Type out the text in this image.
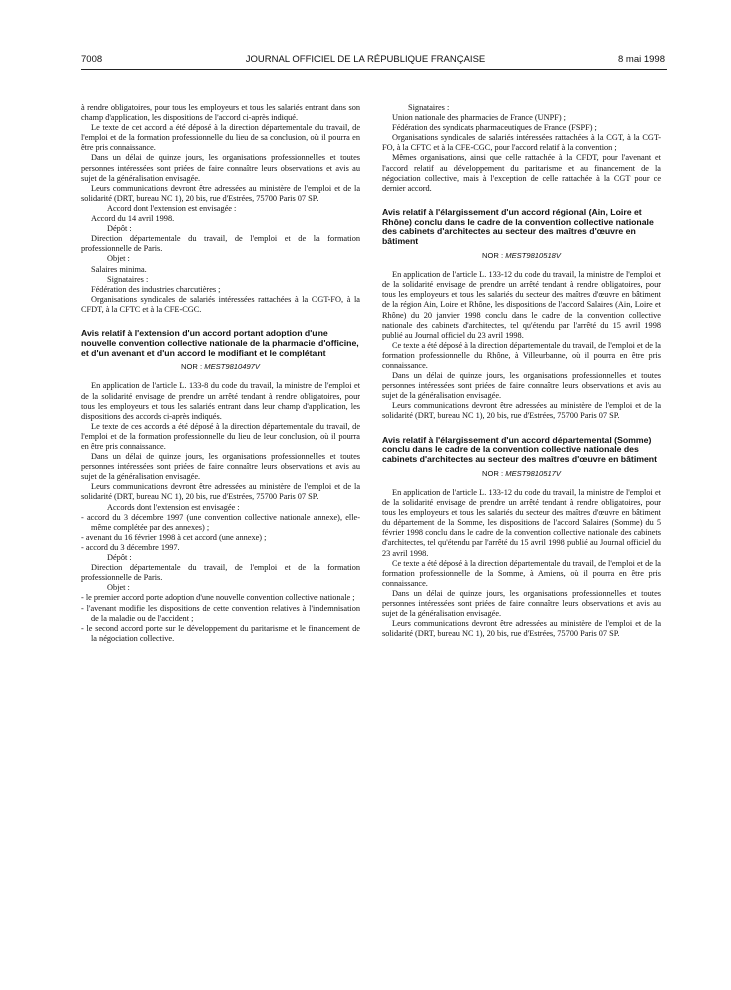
7008	JOURNAL OFFICIEL DE LA RÉPUBLIQUE FRANÇAISE	8 mai 1998

à rendre obligatoires, pour tous les employeurs et tous les salariés entrant dans son champ d'application, les dispositions de l'accord ci-après indiqué.

Le texte de cet accord a été déposé à la direction départementale du travail, de l'emploi et de la formation professionnelle du lieu de sa conclusion, où il pourra en être pris connaissance.

Dans un délai de quinze jours, les organisations professionnelles et toutes personnes intéressées sont priées de faire connaître leurs observations et avis au sujet de la généralisation envisagée.

Leurs communications devront être adressées au ministère de l'emploi et de la solidarité (DRT, bureau NC 1), 20 bis, rue d'Estrées, 75700 Paris 07 SP.

Accord dont l'extension est envisagée :

Accord du 14 avril 1998.

Dépôt :

Direction départementale du travail, de l'emploi et de la formation professionnelle de Paris.

Objet :

Salaires minima.

Signataires :

Fédération des industries charcutières ;

Organisations syndicales de salariés intéressées rattachées à la CGT-FO, à la CFDT, à la CFTC et à la CFE-CGC.

Avis relatif à l'extension d'un accord portant adoption d'une nouvelle convention collective nationale de la pharmacie d'officine, et d'un avenant et d'un accord le modifiant et le complétant
NOR : MEST9810497V

En application de l'article L. 133-8 du code du travail, la ministre de l'emploi et de la solidarité envisage de prendre un arrêté tendant à rendre obligatoires, pour tous les employeurs et tous les salariés entrant dans leur champ d'application, les dispositions des accords ci-après indiqués.

Le texte de ces accords a été déposé à la direction départementale du travail, de l'emploi et de la formation professionnelle du lieu de leur conclusion, où il pourra en être pris connaissance.

Dans un délai de quinze jours, les organisations professionnelles et toutes personnes intéressées sont priées de faire connaître leurs observations et avis au sujet de la généralisation envisagée.

Leurs communications devront être adressées au ministère de l'emploi et de la solidarité (DRT, bureau NC 1), 20 bis, rue d'Estrées, 75700 Paris 07 SP.

Accords dont l'extension est envisagée :

- accord du 3 décembre 1997 (une convention collective nationale annexe), elle-même complétée par des annexes) ;

- avenant du 16 février 1998 à cet accord (une annexe) ;

- accord du 3 décembre 1997.

Dépôt :

Direction départementale du travail, de l'emploi et de la formation professionnelle de Paris.

Objet :

- le premier accord porte adoption d'une nouvelle convention collective nationale ;

- l'avenant modifie les dispositions de cette convention relatives à l'indemnisation de la maladie ou de l'accident ;

- le second accord porte sur le développement du paritarisme et le financement de la négociation collective.

Signataires :

Union nationale des pharmacies de France (UNPF) ;

Fédération des syndicats pharmaceutiques de France (FSPF) ;

Organisations syndicales de salariés intéressées rattachées à la CGT, à la CGT-FO, à la CFTC et à la CFE-CGC, pour l'accord relatif à la convention ;

Mêmes organisations, ainsi que celle rattachée à la CFDT, pour l'avenant et l'accord relatif au développement du paritarisme et au financement de la négociation collective, mais à l'exception de celle rattachée à la CGT pour ce dernier accord.

Avis relatif à l'élargissement d'un accord régional (Ain, Loire et Rhône) conclu dans le cadre de la convention collective nationale des cabinets d'architectes au secteur des maîtres d'œuvre en bâtiment
NOR : MEST9810518V

En application de l'article L. 133-12 du code du travail, la ministre de l'emploi et de la solidarité envisage de prendre un arrêté tendant à rendre obligatoires, pour tous les employeurs et tous les salariés du secteur des maîtres d'œuvre en bâtiment de la région Ain, Loire et Rhône, les dispositions de l'accord Salaires (Ain, Loire et Rhône) du 20 janvier 1998 conclu dans le cadre de la convention collective nationale des cabinets d'architectes, tel qu'étendu par l'arrêté du 15 avril 1998 publié au Journal officiel du 23 avril 1998.

Ce texte a été déposé à la direction départementale du travail, de l'emploi et de la formation professionnelle du Rhône, à Villeurbanne, où il pourra en être pris connaissance.

Dans un délai de quinze jours, les organisations professionnelles et toutes personnes intéressées sont priées de faire connaître leurs observations et avis au sujet de la généralisation envisagée.

Leurs communications devront être adressées au ministère de l'emploi et de la solidarité (DRT, bureau NC 1), 20 bis, rue d'Estrées, 75700 Paris 07 SP.

Avis relatif à l'élargissement d'un accord départemental (Somme) conclu dans le cadre de la convention collective nationale des cabinets d'architectes au secteur des maîtres d'œuvre en bâtiment
NOR : MEST9810517V

En application de l'article L. 133-12 du code du travail, la ministre de l'emploi et de la solidarité envisage de prendre un arrêté tendant à rendre obligatoires, pour tous les employeurs et tous les salariés du secteur des maîtres d'œuvre en bâtiment du département de la Somme, les dispositions de l'accord Salaires (Somme) du 5 février 1998 conclu dans le cadre de la convention collective nationale des cabinets d'architectes, tel qu'étendu par l'arrêté du 15 avril 1998 publié au Journal officiel du 23 avril 1998.

Ce texte a été déposé à la direction départementale du travail, de l'emploi et de la formation professionnelle de la Somme, à Amiens, où il pourra en être pris connaissance.

Dans un délai de quinze jours, les organisations professionnelles et toutes personnes intéressées sont priées de faire connaître leurs observations et avis au sujet de la généralisation envisagée.

Leurs communications devront être adressées au ministère de l'emploi et de la solidarité (DRT, bureau NC 1), 20 bis, rue d'Estrées, 75700 Paris 07 SP.
